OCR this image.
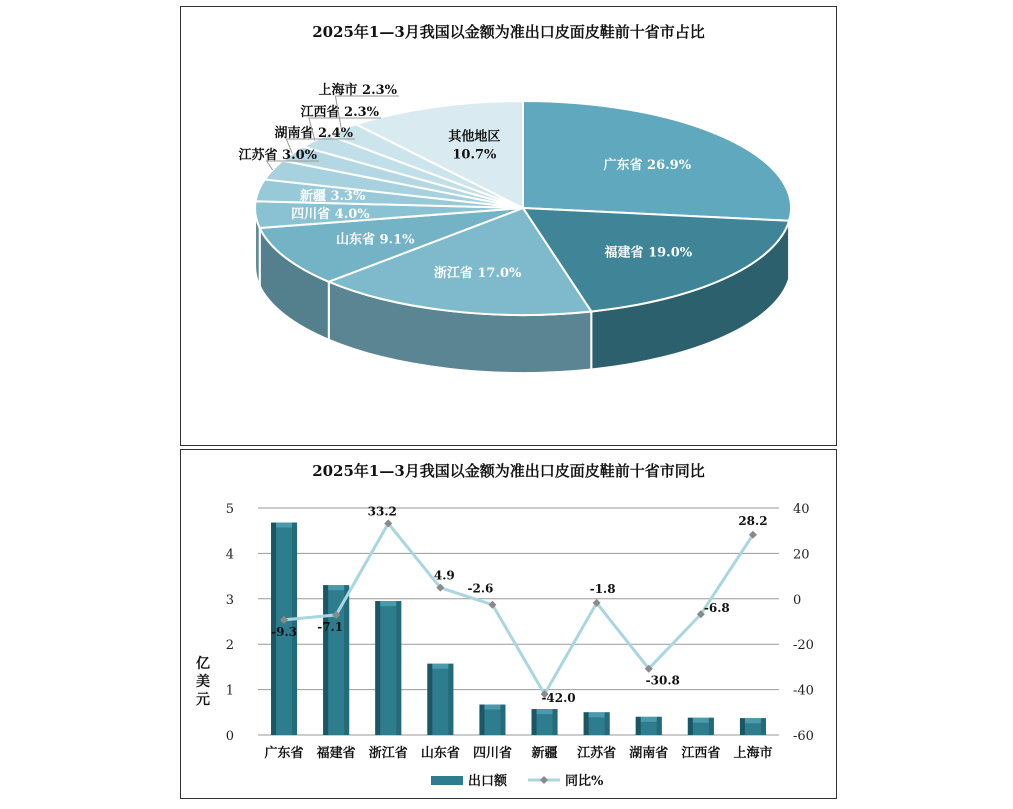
2025年1—3月我国以金额为准出口皮面皮鞋前十省市占比
广东省 26.9%
福建省 19.0%
浙江省 17.0%
山东省 9.1%
四川省 4.0%
新疆 3.3%
江苏省 3.0%
湖南省 2.4%
江西省 2.3%
上海市 2.3%
其他地区
10.7%
2025年1—3月我国以金额为准出口皮面皮鞋前十省市同比
0
1
2
3
4
5
-60
-40
-20
0
20
40
亿
美
元
广东省 福建省 浙江省 山东省 四川省 新疆 江苏省 湖南省 江西省 上海市
-9.3 -7.1
33.2
4.9
-2.6
-42.0
-1.8
-30.8
-6.8
28.2
出口额	同比%
